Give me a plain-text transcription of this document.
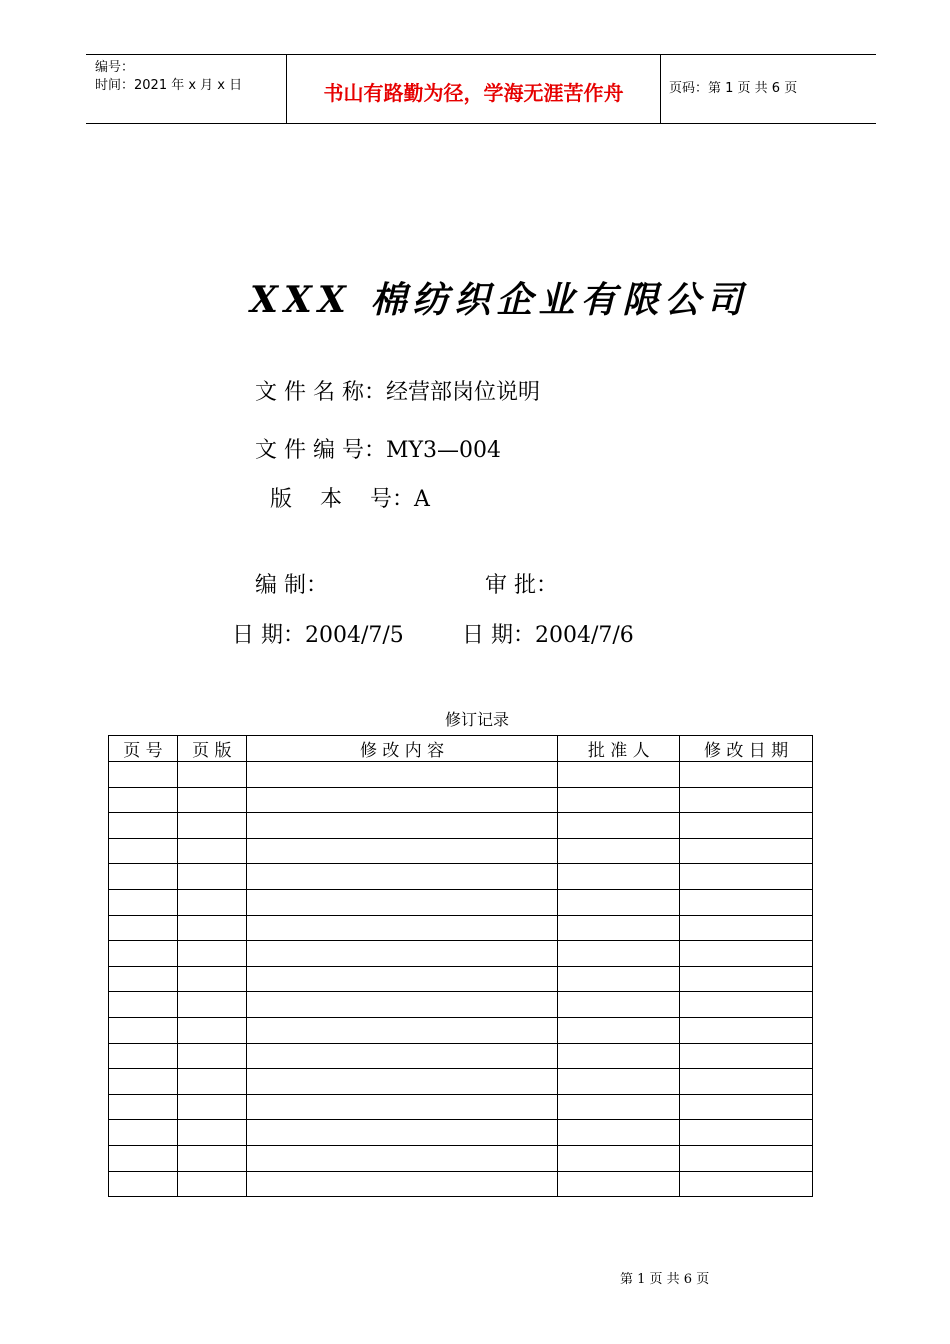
编号：
时间：2021 年 x 月 x 日	书山有路勤为径，学海无涯苦作舟	页码：第 1 页 共 6 页
XXX 棉纺织企业有限公司
文 件 名 称：经营部岗位说明
文 件 编 号：MY3—004
版    本    号：A
编 制：	审 批：
日 期：2004/7/5	日 期：2004/7/6
修订记录
页 号	页 版	修 改 内 容	批 准 人	修 改 日 期

第 1 页 共 6 页
